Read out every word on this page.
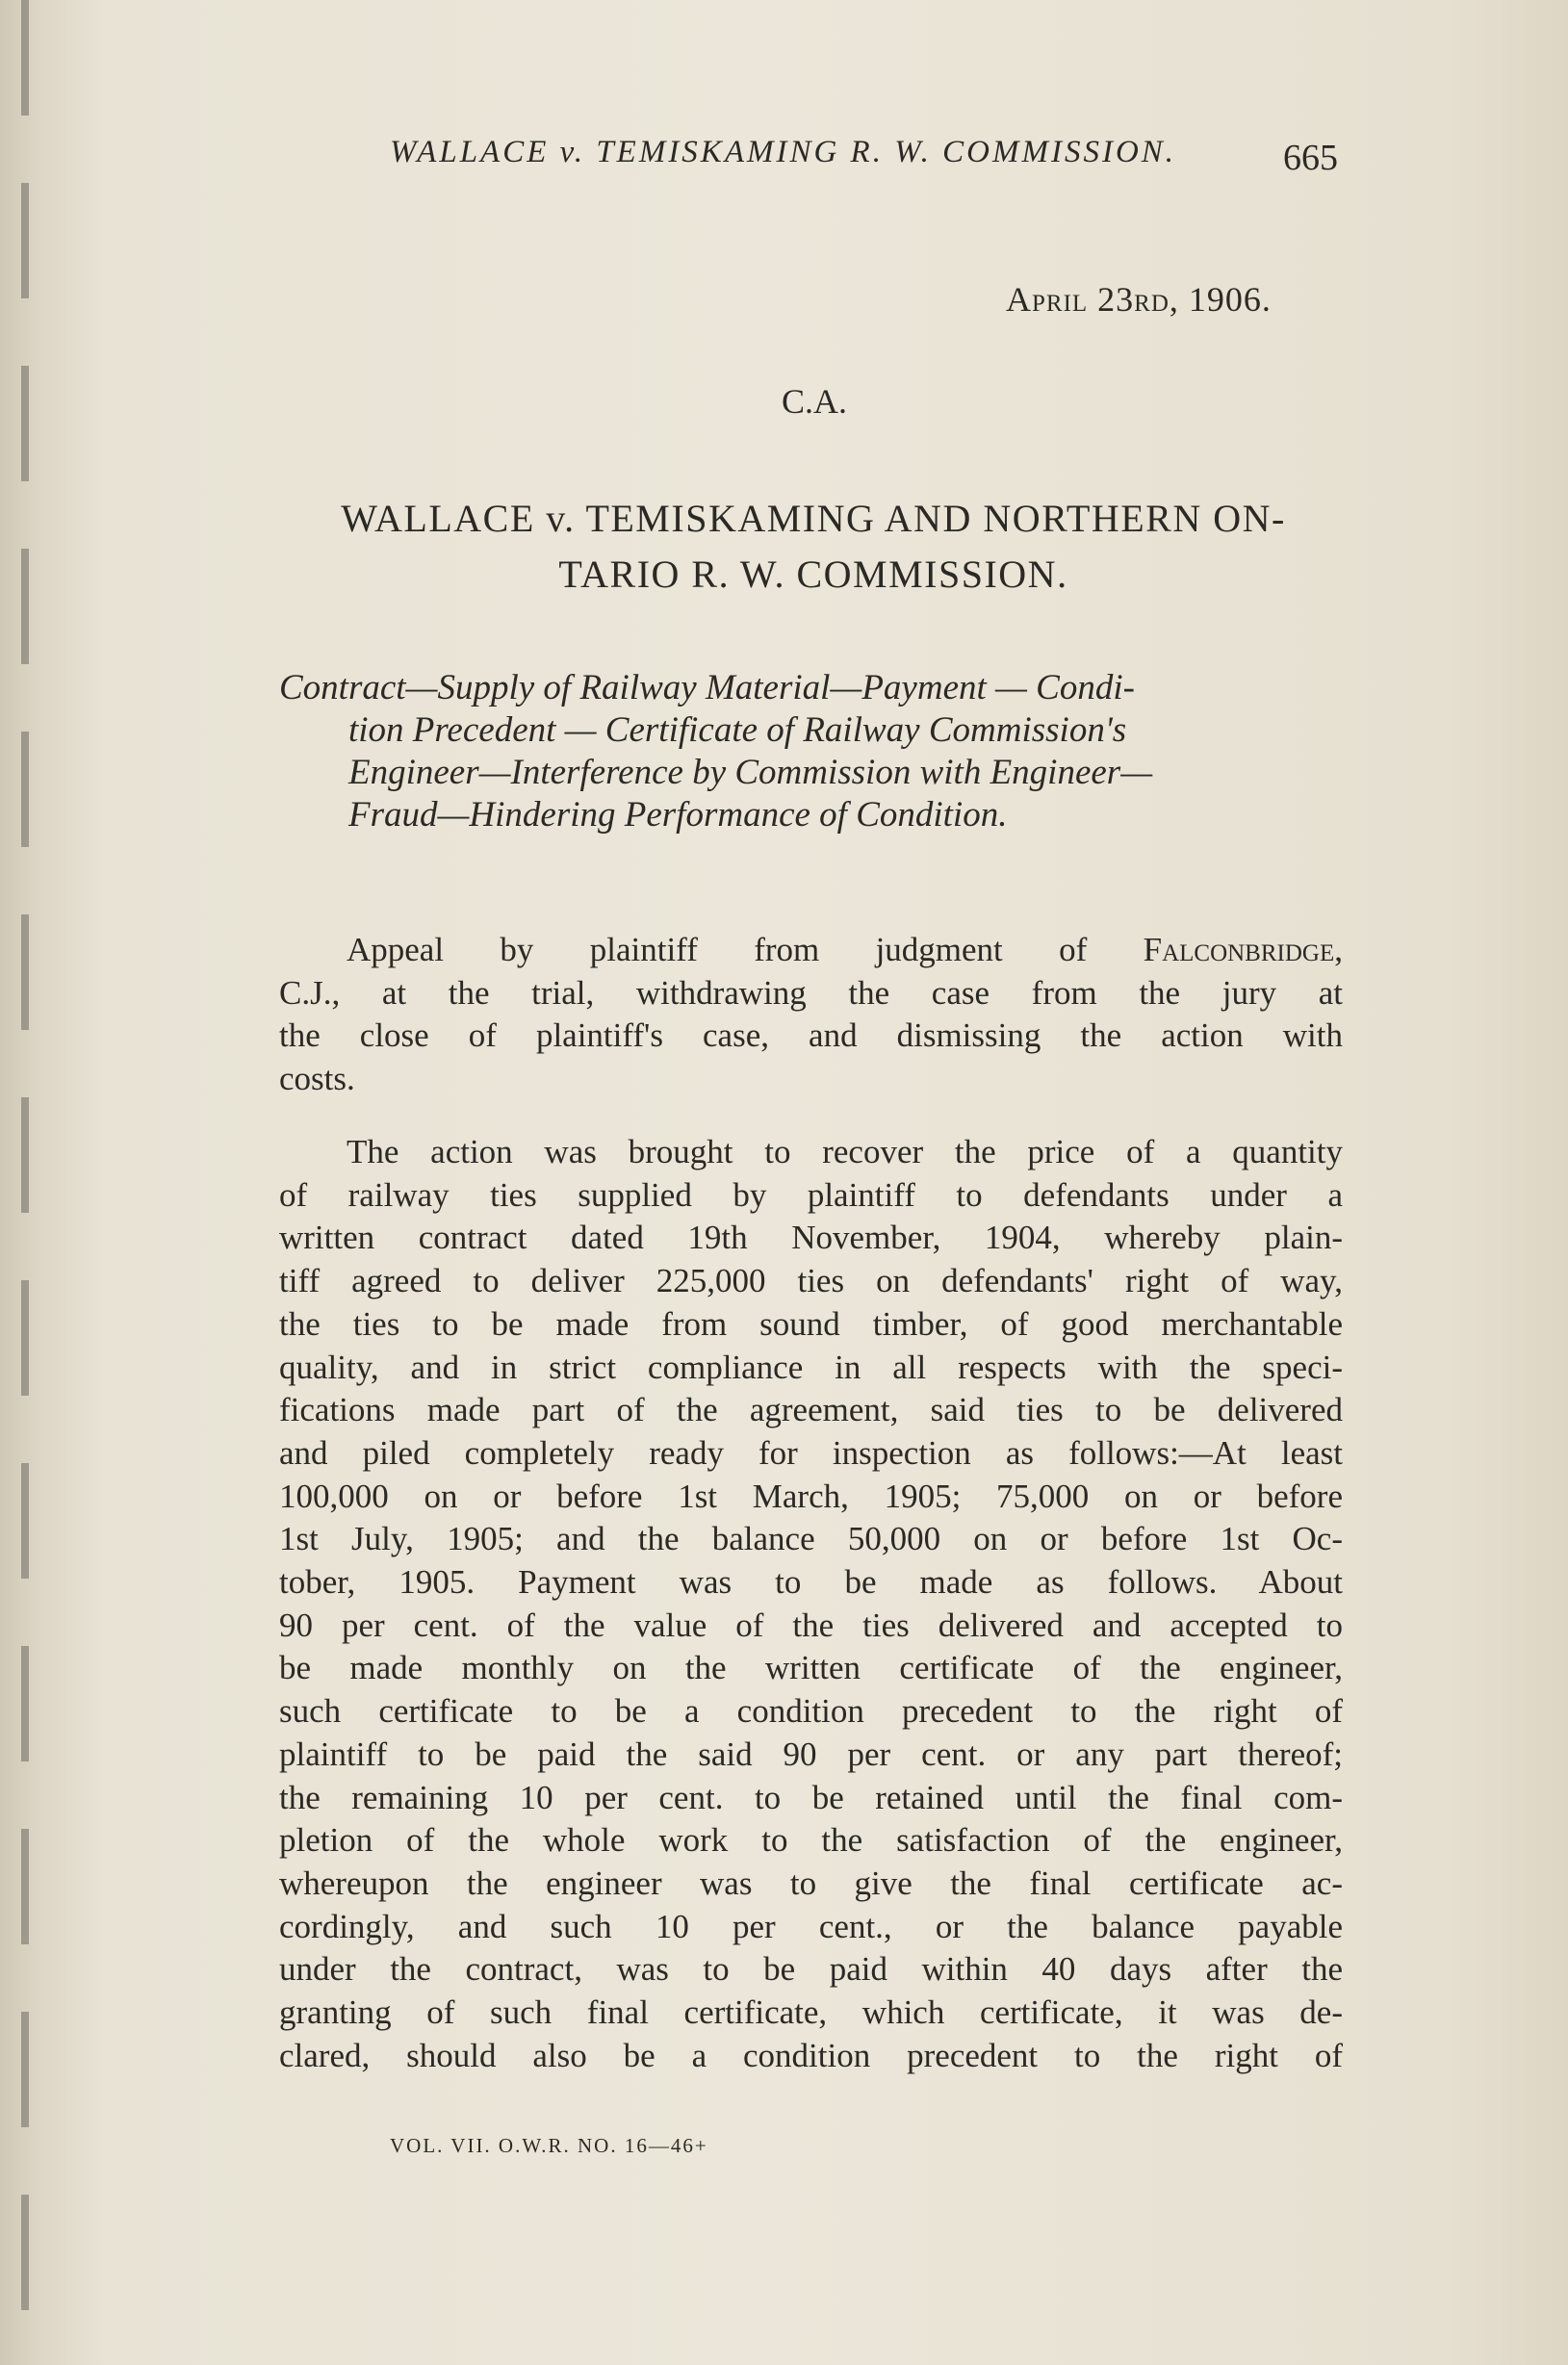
WALLACE v. TEMISKAMING R. W. COMMISSION.	665
April 23rd, 1906.
C.A.
WALLACE v. TEMISKAMING AND NORTHERN ON-
TARIO R. W. COMMISSION.
Contract—Supply of Railway Material—Payment — Condi-
tion Precedent — Certificate of Railway Commission's
Engineer—Interference by Commission with Engineer—
Fraud—Hindering Performance of Condition.
Appeal by plaintiff from judgment of Falconbridge,
C.J., at the trial, withdrawing the case from the jury at
the close of plaintiff's case, and dismissing the action with
costs.
The action was brought to recover the price of a quantity
of railway ties supplied by plaintiff to defendants under a
written contract dated 19th November, 1904, whereby plain-
tiff agreed to deliver 225,000 ties on defendants' right of way,
the ties to be made from sound timber, of good merchantable
quality, and in strict compliance in all respects with the speci-
fications made part of the agreement, said ties to be delivered
and piled completely ready for inspection as follows:—At least
100,000 on or before 1st March, 1905; 75,000 on or before
1st July, 1905; and the balance 50,000 on or before 1st Oc-
tober, 1905. Payment was to be made as follows. About
90 per cent. of the value of the ties delivered and accepted to
be made monthly on the written certificate of the engineer,
such certificate to be a condition precedent to the right of
plaintiff to be paid the said 90 per cent. or any part thereof;
the remaining 10 per cent. to be retained until the final com-
pletion of the whole work to the satisfaction of the engineer,
whereupon the engineer was to give the final certificate ac-
cordingly, and such 10 per cent., or the balance payable
under the contract, was to be paid within 40 days after the
granting of such final certificate, which certificate, it was de-
clared, should also be a condition precedent to the right of
VOL. VII. O.W.R. NO. 16—46+
